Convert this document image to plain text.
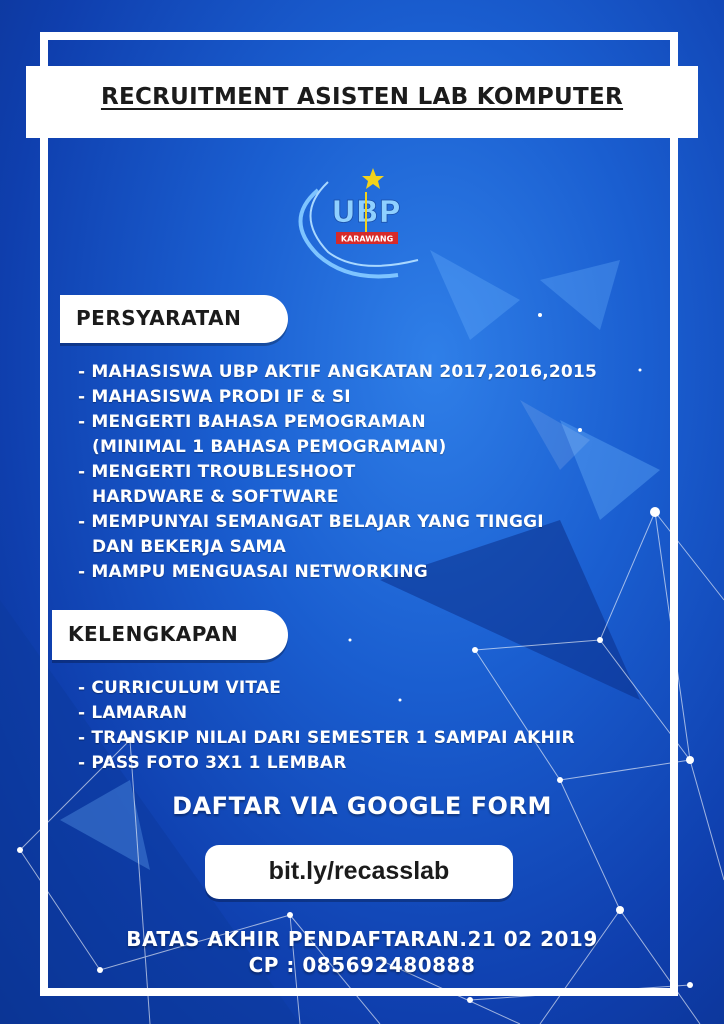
RECRUITMENT ASISTEN LAB KOMPUTER
UBP
KARAWANG
PERSYARATAN
- MAHASISWA UBP AKTIF ANGKATAN 2017,2016,2015
- MAHASISWA PRODI IF & SI
- MENGERTI BAHASA PEMOGRAMAN
(MINIMAL 1 BAHASA PEMOGRAMAN)
- MENGERTI TROUBLESHOOT
HARDWARE & SOFTWARE
- MEMPUNYAI SEMANGAT BELAJAR YANG TINGGI
DAN BEKERJA SAMA
- MAMPU MENGUASAI NETWORKING
KELENGKAPAN
- CURRICULUM VITAE
- LAMARAN
- TRANSKIP NILAI DARI SEMESTER 1 SAMPAI AKHIR
- PASS FOTO 3X1 1 LEMBAR
DAFTAR VIA GOOGLE FORM
bit.ly/recasslab
BATAS AKHIR PENDAFTARAN.21 02 2019
CP : 085692480888
